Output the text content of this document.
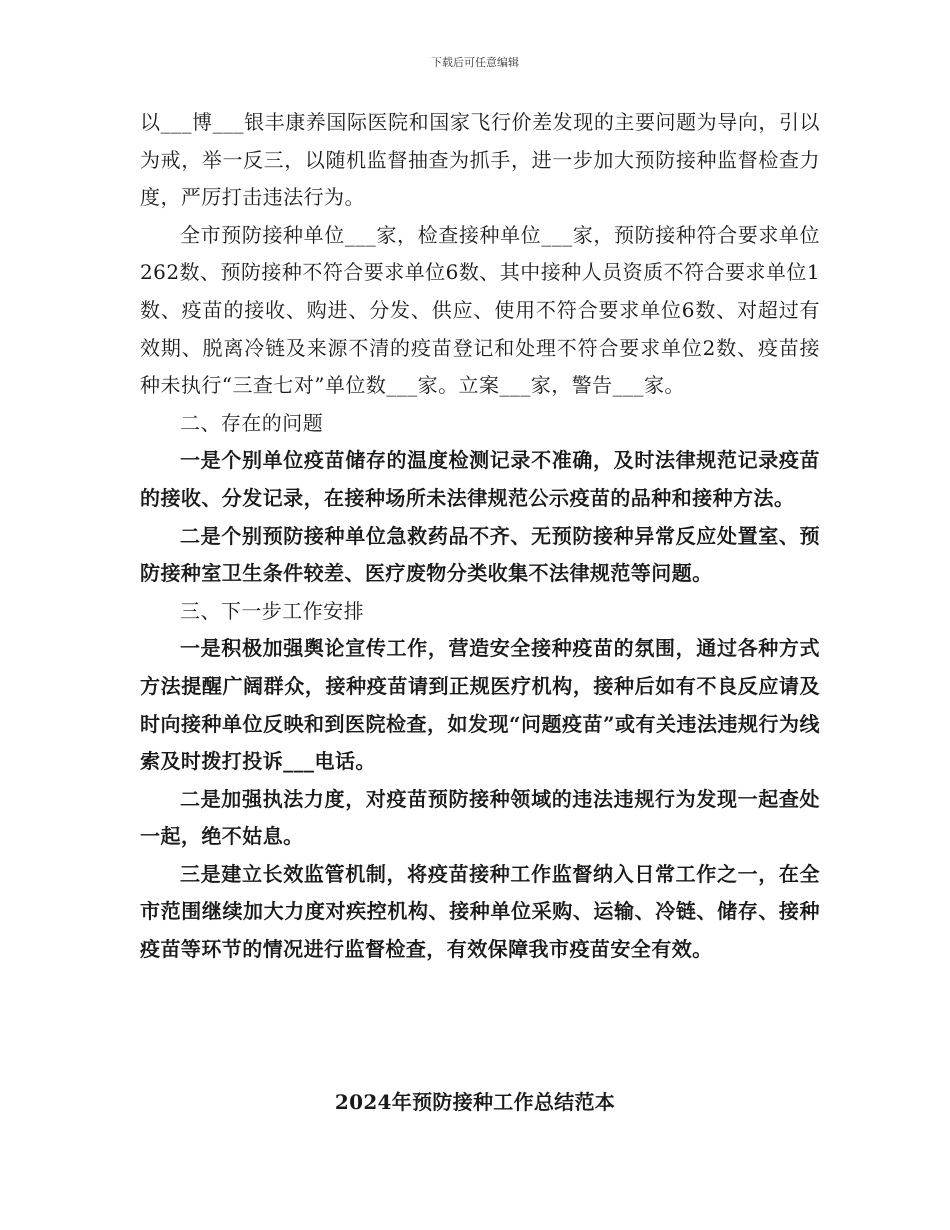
下载后可任意编辑

以___博___银丰康养国际医院和国家飞行价差发现的主要问题为导向，引以为戒，举一反三，以随机监督抽查为抓手，进一步加大预防接种监督检查力度，严厉打击违法行为。

全市预防接种单位___家，检查接种单位___家，预防接种符合要求单位262数、预防接种不符合要求单位6数、其中接种人员资质不符合要求单位1数、疫苗的接收、购进、分发、供应、使用不符合要求单位6数、对超过有效期、脱离冷链及来源不清的疫苗登记和处理不符合要求单位2数、疫苗接种未执行“三查七对”单位数___家。立案___家，警告___家。

二、存在的问题

一是个别单位疫苗储存的温度检测记录不准确，及时法律规范记录疫苗的接收、分发记录，在接种场所未法律规范公示疫苗的品种和接种方法。

二是个别预防接种单位急救药品不齐、无预防接种异常反应处置室、预防接种室卫生条件较差、医疗废物分类收集不法律规范等问题。

三、下一步工作安排

一是积极加强舆论宣传工作，营造安全接种疫苗的氛围，通过各种方式方法提醒广阔群众，接种疫苗请到正规医疗机构，接种后如有不良反应请及时向接种单位反映和到医院检查，如发现“问题疫苗”或有关违法违规行为线索及时拨打投诉___电话。

二是加强执法力度，对疫苗预防接种领域的违法违规行为发现一起查处一起，绝不姑息。

三是建立长效监管机制，将疫苗接种工作监督纳入日常工作之一，在全市范围继续加大力度对疾控机构、接种单位采购、运输、冷链、储存、接种疫苗等环节的情况进行监督检查，有效保障我市疫苗安全有效。

2024年预防接种工作总结范本
